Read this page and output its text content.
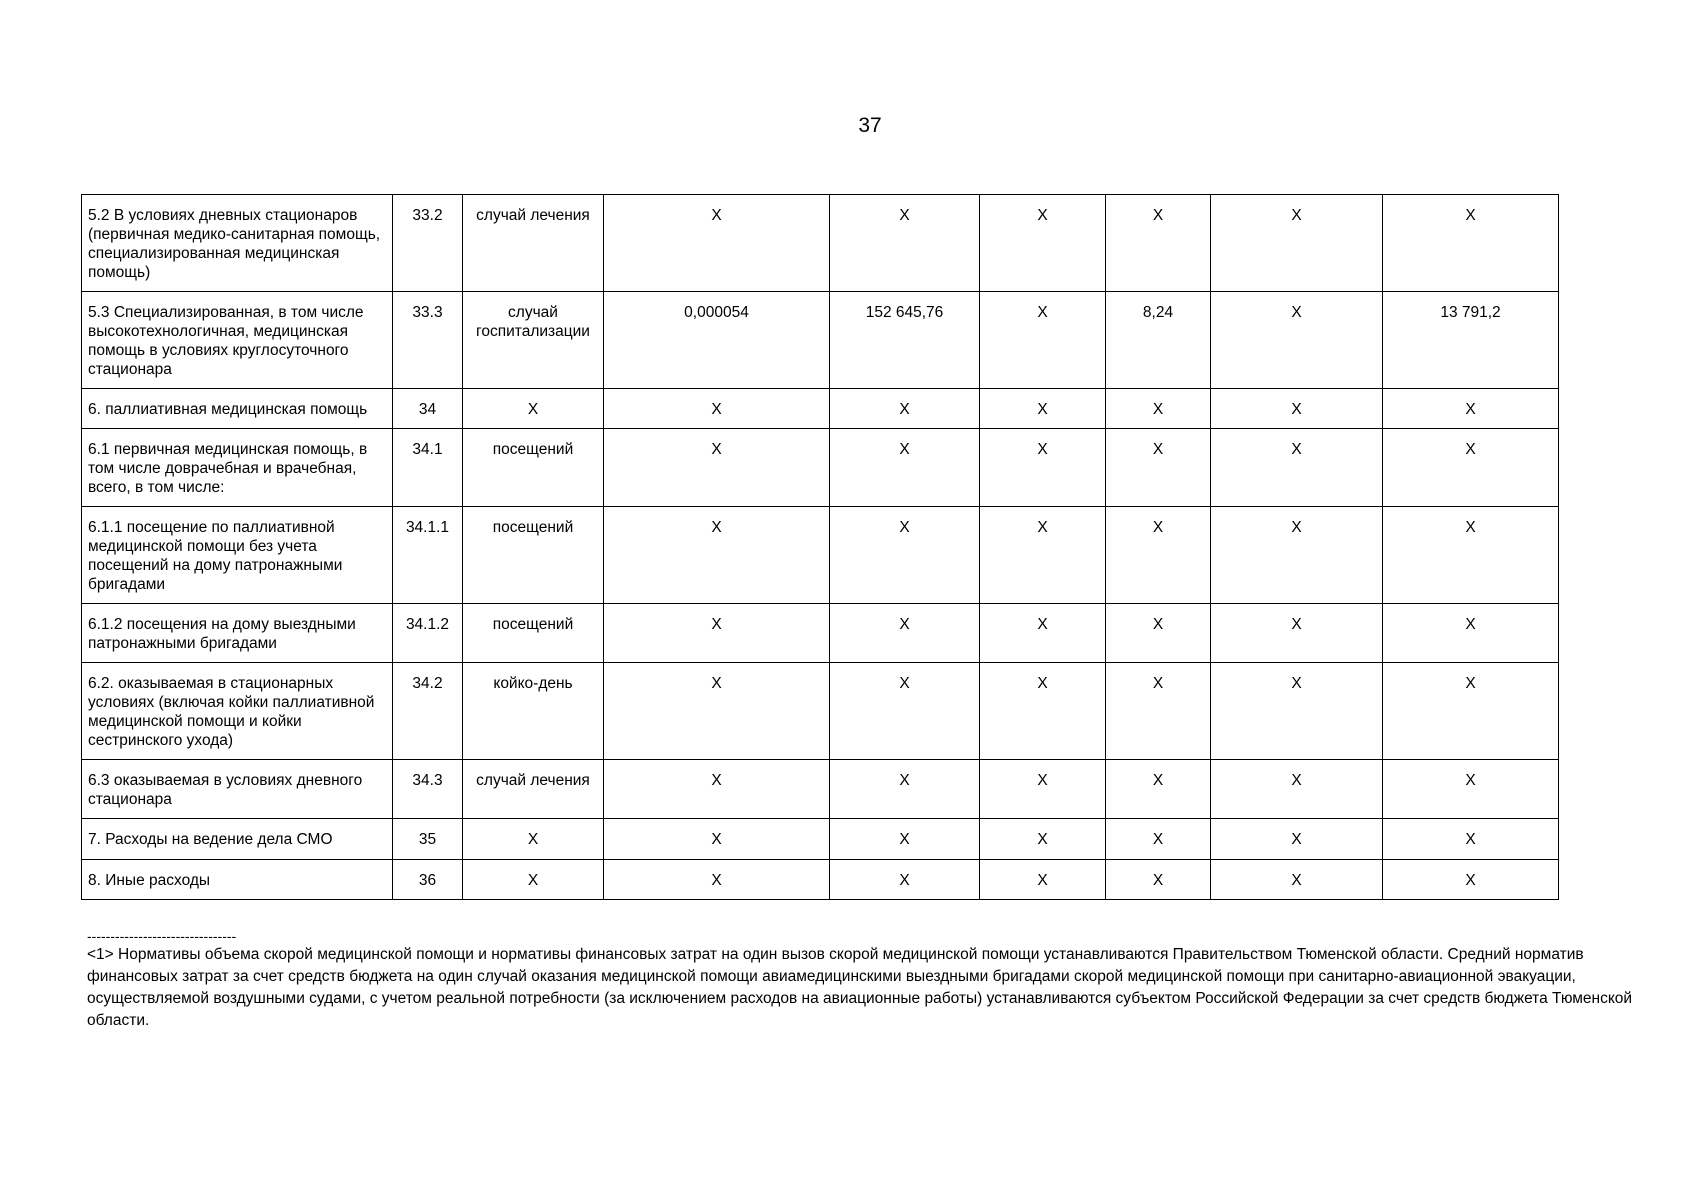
37
5.2 В условиях дневных стационаров (первичная медико-санитарная помощь, специализированная медицинская помощь)	33.2	случай лечения	X	X	X	X	X	X
5.3 Специализированная, в том числе высокотехнологичная, медицинская помощь в условиях круглосуточного стационара	33.3	случай госпитализации	0,000054	152 645,76	X	8,24	X	13 791,2
6. паллиативная медицинская помощь	34	X	X	X	X	X	X	X
6.1 первичная медицинская помощь, в том числе доврачебная и врачебная, всего, в том числе:	34.1	посещений	X	X	X	X	X	X
6.1.1 посещение по паллиативной медицинской помощи без учета посещений на дому патронажными бригадами	34.1.1	посещений	X	X	X	X	X	X
6.1.2 посещения на дому выездными патронажными бригадами	34.1.2	посещений	X	X	X	X	X	X
6.2. оказываемая в стационарных условиях (включая койки паллиативной медицинской помощи и койки сестринского ухода)	34.2	койко-день	X	X	X	X	X	X
6.3 оказываемая в условиях дневного стационара	34.3	случай лечения	X	X	X	X	X	X
7. Расходы на ведение дела СМО	35	X	X	X	X	X	X	X
8. Иные расходы	36	X	X	X	X	X	X	X
--------------------------------
<1> Нормативы объема скорой медицинской помощи и нормативы финансовых затрат на один вызов скорой медицинской помощи устанавливаются Правительством Тюменской области. Средний норматив финансовых затрат за счет средств бюджета на один случай оказания медицинской помощи авиамедицинскими выездными бригадами скорой медицинской помощи при санитарно-авиационной эвакуации, осуществляемой воздушными судами, с учетом реальной потребности (за исключением расходов на авиационные работы) устанавливаются субъектом Российской Федерации за счет средств бюджета Тюменской области.
